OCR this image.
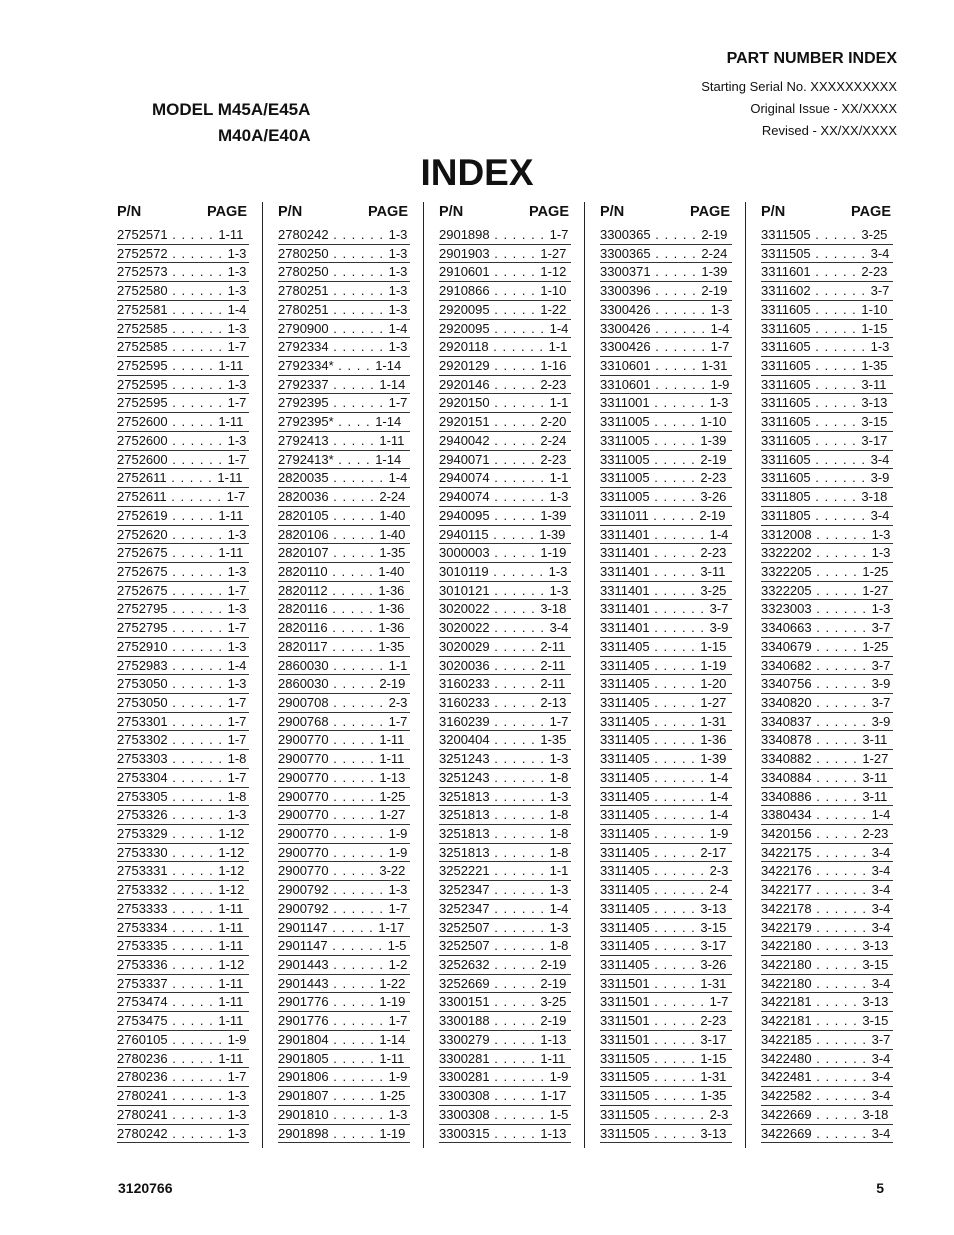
PART NUMBER INDEX
Starting Serial No. XXXXXXXXXX
Original Issue - XX/XXXX
Revised - XX/XX/XXXX
MODEL M45A/E45A
M40A/E40A
INDEX
P/N	PAGE
2752571 . . . . . 1-11
2752572 . . . . . . 1-3
2752573 . . . . . . 1-3
2752580 . . . . . . 1-3
2752581 . . . . . . 1-4
2752585 . . . . . . 1-3
2752585 . . . . . . 1-7
2752595 . . . . . 1-11
2752595 . . . . . . 1-3
2752595 . . . . . . 1-7
2752600 . . . . . 1-11
2752600 . . . . . . 1-3
2752600 . . . . . . 1-7
2752611 . . . . . 1-11
2752611 . . . . . . 1-7
2752619 . . . . . 1-11
2752620 . . . . . . 1-3
2752675 . . . . . 1-11
2752675 . . . . . . 1-3
2752675 . . . . . . 1-7
2752795 . . . . . . 1-3
2752795 . . . . . . 1-7
2752910 . . . . . . 1-3
2752983 . . . . . . 1-4
2753050 . . . . . . 1-3
2753050 . . . . . . 1-7
2753301 . . . . . . 1-7
2753302 . . . . . . 1-7
2753303 . . . . . . 1-8
2753304 . . . . . . 1-7
2753305 . . . . . . 1-8
2753326 . . . . . . 1-3
2753329 . . . . . 1-12
2753330 . . . . . 1-12
2753331 . . . . . 1-12
2753332 . . . . . 1-12
2753333 . . . . . 1-11
2753334 . . . . . 1-11
2753335 . . . . . 1-11
2753336 . . . . . 1-12
2753337 . . . . . 1-11
2753474 . . . . . 1-11
2753475 . . . . . 1-11
2760105 . . . . . . 1-9
2780236 . . . . . 1-11
2780236 . . . . . . 1-7
2780241 . . . . . . 1-3
2780241 . . . . . . 1-3
2780242 . . . . . . 1-3
P/N	PAGE
2780242 . . . . . . 1-3
2780250 . . . . . . 1-3
2780250 . . . . . . 1-3
2780251 . . . . . . 1-3
2780251 . . . . . . 1-3
2790900 . . . . . . 1-4
2792334 . . . . . . 1-3
2792334* . . . . 1-14
2792337 . . . . . 1-14
2792395 . . . . . . 1-7
2792395* . . . . 1-14
2792413 . . . . . 1-11
2792413* . . . . 1-14
2820035 . . . . . . 1-4
2820036 . . . . . 2-24
2820105 . . . . . 1-40
2820106 . . . . . 1-40
2820107 . . . . . 1-35
2820110 . . . . . 1-40
2820112 . . . . . 1-36
2820116 . . . . . 1-36
2820116 . . . . . 1-36
2820117 . . . . . 1-35
2860030 . . . . . . 1-1
2860030 . . . . . 2-19
2900708 . . . . . . 2-3
2900768 . . . . . . 1-7
2900770 . . . . . 1-11
2900770 . . . . . 1-11
2900770 . . . . . 1-13
2900770 . . . . . 1-25
2900770 . . . . . 1-27
2900770 . . . . . . 1-9
2900770 . . . . . . 1-9
2900770 . . . . . 3-22
2900792 . . . . . . 1-3
2900792 . . . . . . 1-7
2901147 . . . . . 1-17
2901147 . . . . . . 1-5
2901443 . . . . . . 1-2
2901443 . . . . . 1-22
2901776 . . . . . 1-19
2901776 . . . . . . 1-7
2901804 . . . . . 1-14
2901805 . . . . . 1-11
2901806 . . . . . . 1-9
2901807 . . . . . 1-25
2901810 . . . . . . 1-3
2901898 . . . . . 1-19
P/N	PAGE
2901898 . . . . . . 1-7
2901903 . . . . . 1-27
2910601 . . . . . 1-12
2910866 . . . . . 1-10
2920095 . . . . . 1-22
2920095 . . . . . . 1-4
2920118 . . . . . . 1-1
2920129 . . . . . 1-16
2920146 . . . . . 2-23
2920150 . . . . . . 1-1
2920151 . . . . . 2-20
2940042 . . . . . 2-24
2940071 . . . . . 2-23
2940074 . . . . . . 1-1
2940074 . . . . . . 1-3
2940095 . . . . . 1-39
2940115 . . . . . 1-39
3000003 . . . . . 1-19
3010119 . . . . . . 1-3
3010121 . . . . . . 1-3
3020022 . . . . . 3-18
3020022 . . . . . . 3-4
3020029 . . . . . 2-11
3020036 . . . . . 2-11
3160233 . . . . . 2-11
3160233 . . . . . 2-13
3160239 . . . . . . 1-7
3200404 . . . . . 1-35
3251243 . . . . . . 1-3
3251243 . . . . . . 1-8
3251813 . . . . . . 1-3
3251813 . . . . . . 1-8
3251813 . . . . . . 1-8
3251813 . . . . . . 1-8
3252221 . . . . . . 1-1
3252347 . . . . . . 1-3
3252347 . . . . . . 1-4
3252507 . . . . . . 1-3
3252507 . . . . . . 1-8
3252632 . . . . . 2-19
3252669 . . . . . 2-19
3300151 . . . . . 3-25
3300188 . . . . . 2-19
3300279 . . . . . 1-13
3300281 . . . . . 1-11
3300281 . . . . . . 1-9
3300308 . . . . . 1-17
3300308 . . . . . . 1-5
3300315 . . . . . 1-13
P/N	PAGE
3300365 . . . . . 2-19
3300365 . . . . . 2-24
3300371 . . . . . 1-39
3300396 . . . . . 2-19
3300426 . . . . . . 1-3
3300426 . . . . . . 1-4
3300426 . . . . . . 1-7
3310601 . . . . . 1-31
3310601 . . . . . . 1-9
3311001 . . . . . . 1-3
3311005 . . . . . 1-10
3311005 . . . . . 1-39
3311005 . . . . . 2-19
3311005 . . . . . 2-23
3311005 . . . . . 3-26
3311011 . . . . . 2-19
3311401 . . . . . . 1-4
3311401 . . . . . 2-23
3311401 . . . . . 3-11
3311401 . . . . . 3-25
3311401 . . . . . . 3-7
3311401 . . . . . . 3-9
3311405 . . . . . 1-15
3311405 . . . . . 1-19
3311405 . . . . . 1-20
3311405 . . . . . 1-27
3311405 . . . . . 1-31
3311405 . . . . . 1-36
3311405 . . . . . 1-39
3311405 . . . . . . 1-4
3311405 . . . . . . 1-4
3311405 . . . . . . 1-4
3311405 . . . . . . 1-9
3311405 . . . . . 2-17
3311405 . . . . . . 2-3
3311405 . . . . . . 2-4
3311405 . . . . . 3-13
3311405 . . . . . 3-15
3311405 . . . . . 3-17
3311405 . . . . . 3-26
3311501 . . . . . 1-31
3311501 . . . . . . 1-7
3311501 . . . . . 2-23
3311501 . . . . . 3-17
3311505 . . . . . 1-15
3311505 . . . . . 1-31
3311505 . . . . . 1-35
3311505 . . . . . . 2-3
3311505 . . . . . 3-13
P/N	PAGE
3311505 . . . . . 3-25
3311505 . . . . . . 3-4
3311601 . . . . . 2-23
3311602 . . . . . . 3-7
3311605 . . . . . 1-10
3311605 . . . . . 1-15
3311605 . . . . . . 1-3
3311605 . . . . . 1-35
3311605 . . . . . 3-11
3311605 . . . . . 3-13
3311605 . . . . . 3-15
3311605 . . . . . 3-17
3311605 . . . . . . 3-4
3311605 . . . . . . 3-9
3311805 . . . . . 3-18
3311805 . . . . . . 3-4
3312008 . . . . . . 1-3
3322202 . . . . . . 1-3
3322205 . . . . . 1-25
3322205 . . . . . 1-27
3323003 . . . . . . 1-3
3340663 . . . . . . 3-7
3340679 . . . . . 1-25
3340682 . . . . . . 3-7
3340756 . . . . . . 3-9
3340820 . . . . . . 3-7
3340837 . . . . . . 3-9
3340878 . . . . . 3-11
3340882 . . . . . 1-27
3340884 . . . . . 3-11
3340886 . . . . . 3-11
3380434 . . . . . . 1-4
3420156 . . . . . 2-23
3422175 . . . . . . 3-4
3422176 . . . . . . 3-4
3422177 . . . . . . 3-4
3422178 . . . . . . 3-4
3422179 . . . . . . 3-4
3422180 . . . . . 3-13
3422180 . . . . . 3-15
3422180 . . . . . . 3-4
3422181 . . . . . 3-13
3422181 . . . . . 3-15
3422185 . . . . . . 3-7
3422480 . . . . . . 3-4
3422481 . . . . . . 3-4
3422582 . . . . . . 3-4
3422669 . . . . . 3-18
3422669 . . . . . . 3-4
3120766	5
